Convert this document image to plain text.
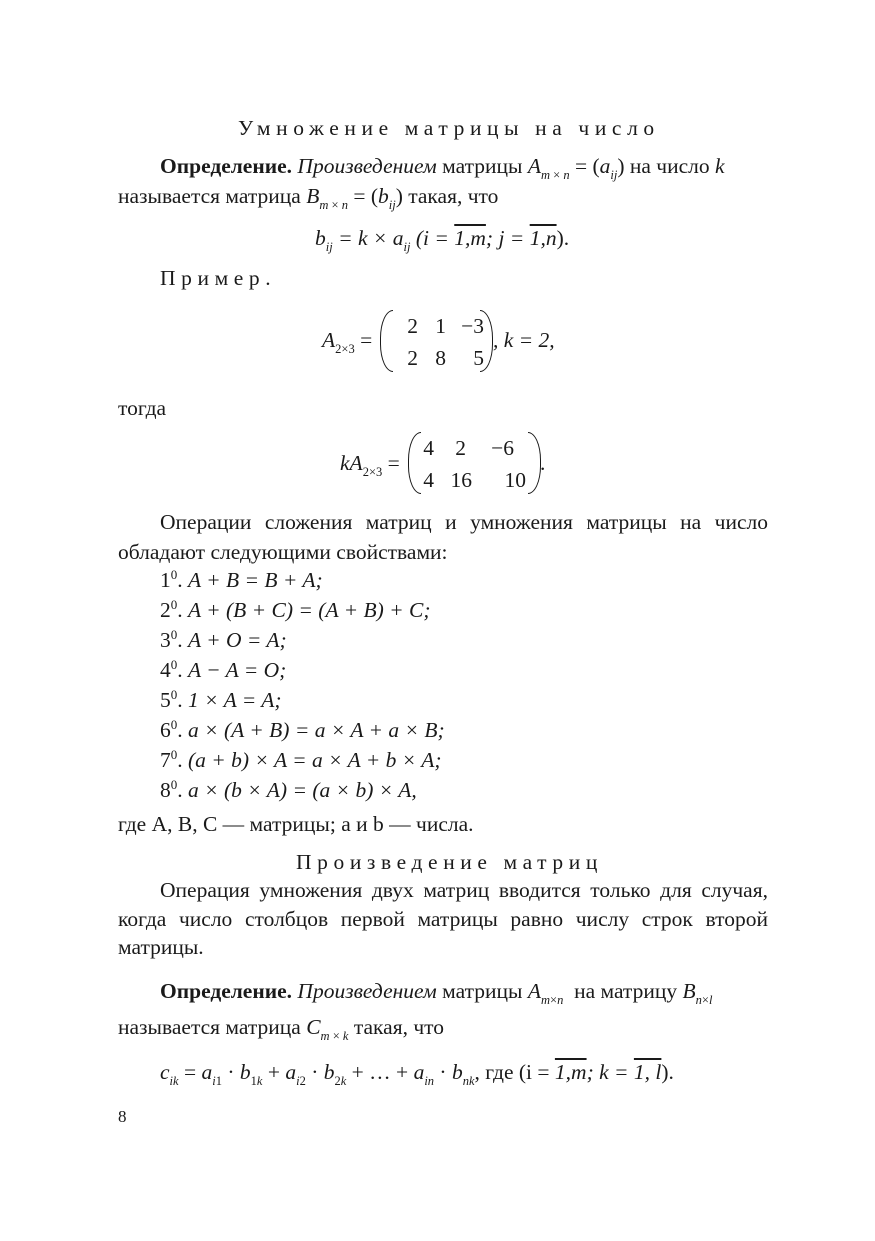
Умножение матрицы на число
Определение. Произведением матрицы $A_{m \times n} = (a_{ij})$ на число k
называется матрица $B_{m \times n} = (b_{ij})$ такая, что
$b_{ij} = k \times a_{ij}$ (i = 1,m; j = 1,n).
Пример.
$A_{2\times 3}$ =
2 1 −3
2 8	5
, k = 2,
тогда
$kA_{2\times 3}$ =
4 2	−6
4 16	10
.
Операции сложения матриц и умножения матрицы на число
обладают следующими свойствами:
$1^0$. A + B = B + A;
$2^0$. A + (B + C) = (A + B) + C;
$3^0$. A + O = A;
$4^0$. A − A = O;
$5^0$. 1 × A = A;
$6^0$. a × (A + B) = a × A + a × B;
$7^0$. (a + b) × A = a × A + b × A;
$8^0$. a × (b × A) = (a × b) × A,
где A, B, C — матрицы; a и b — числа.
Произведение матриц
Операция умножения двух матриц вводится только для случая,
когда число столбцов первой матрицы равно числу строк второй
матрицы.
Определение. Произведением матрицы $A_{m\times n}$ на матрицу $B_{n\times l}$
называется матрица $C_{m \times k}$ такая, что
$c_{ik} = a_{i1} \cdot b_{1k} + a_{i2} \cdot b_{2k}$ + … + $a_{in} \cdot b_{nk}$, где (i = 1,m; k = 1, l).
8
